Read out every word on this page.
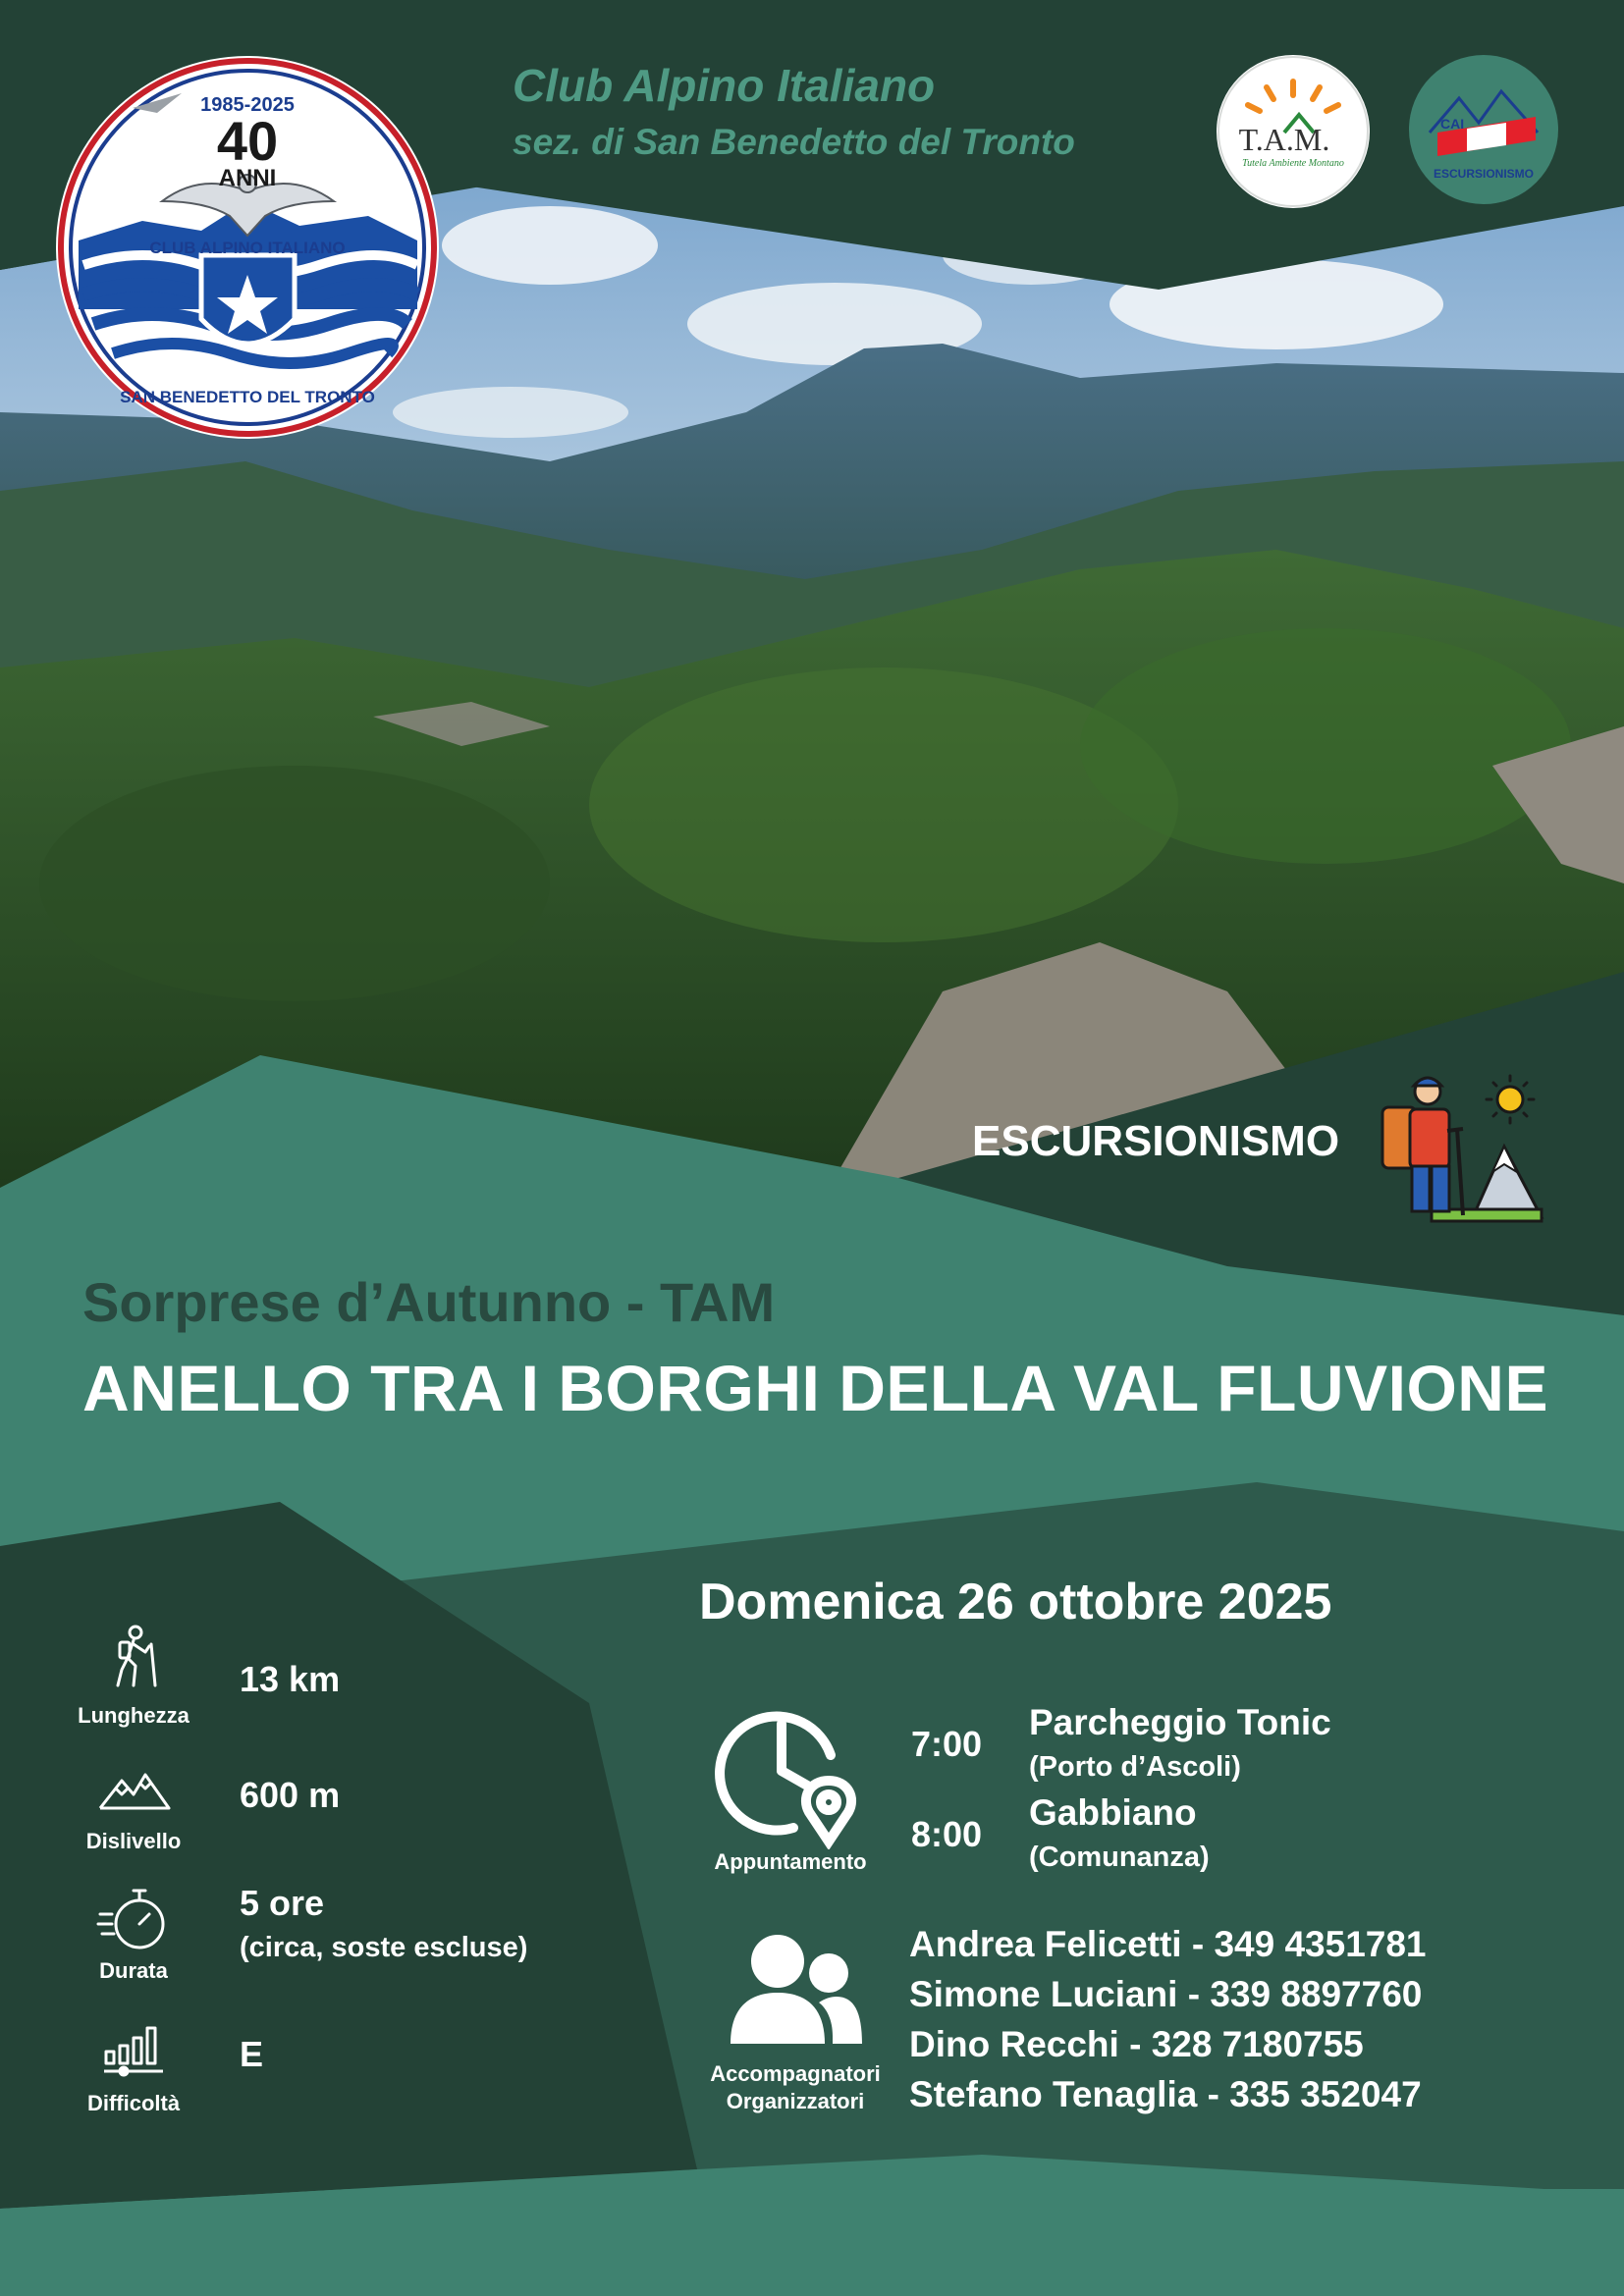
Club Alpino Italiano
sez. di San Benedetto del Tronto
1985-2025
40
ANNI
CLUB ALPINO ITALIANO
SAN BENEDETTO DEL TRONTO
T.A.M.
Tutela Ambiente Montano
CAI
ESCURSIONISMO
ESCURSIONISMO
Sorprese d’Autunno - TAM
ANELLO TRA I BORGHI DELLA VAL FLUVIONE
Domenica 26 ottobre 2025
Lunghezza
13 km
Dislivello
600 m
Durata
5 ore
(circa, soste escluse)
Difficoltà
E
Appuntamento
7:00
Parcheggio Tonic
(Porto d’Ascoli)
8:00
Gabbiano
(Comunanza)
Accompagnatori
Organizzatori
Andrea Felicetti - 349 4351781
Simone Luciani - 339 8897760
Dino Recchi - 328 7180755
Stefano Tenaglia - 335 352047
